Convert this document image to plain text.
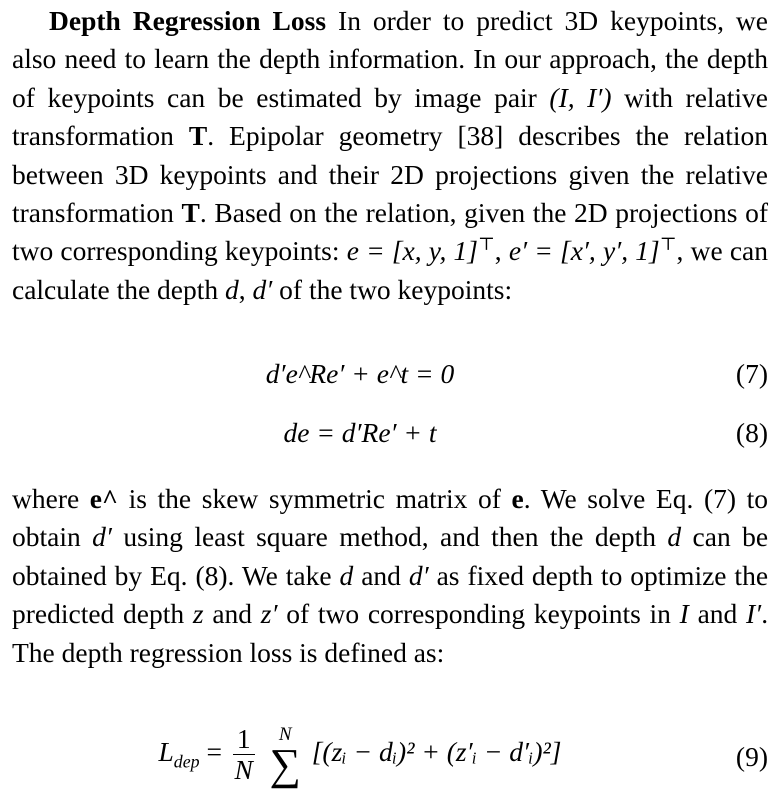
Depth Regression Loss In order to predict 3D keypoints, we also need to learn the depth information. In our approach, the depth of keypoints can be estimated by image pair (I, I′) with relative transformation T. Epipolar geometry [38] describes the relation between 3D keypoints and their 2D projections given the relative transformation T. Based on the relation, given the 2D projections of two corresponding keypoints: e = [x, y, 1]⊤, e′ = [x′, y′, 1]⊤, we can calculate the depth d, d′ of the two keypoints:

d′e^Re′ + e^t = 0	(7)
de = d′Re′ + t	(8)

where e^ is the skew symmetric matrix of e. We solve Eq. (7) to obtain d′ using least square method, and then the depth d can be obtained by Eq. (8). We take d and d′ as fixed depth to optimize the predicted depth z and z′ of two corresponding keypoints in I and I′. The depth regression loss is defined as:

$L_{dep} = \frac{1}{N}$
	N
∑ [(zᵢ − dᵢ)² + (z′ᵢ − d′ᵢ)²]	(9)
